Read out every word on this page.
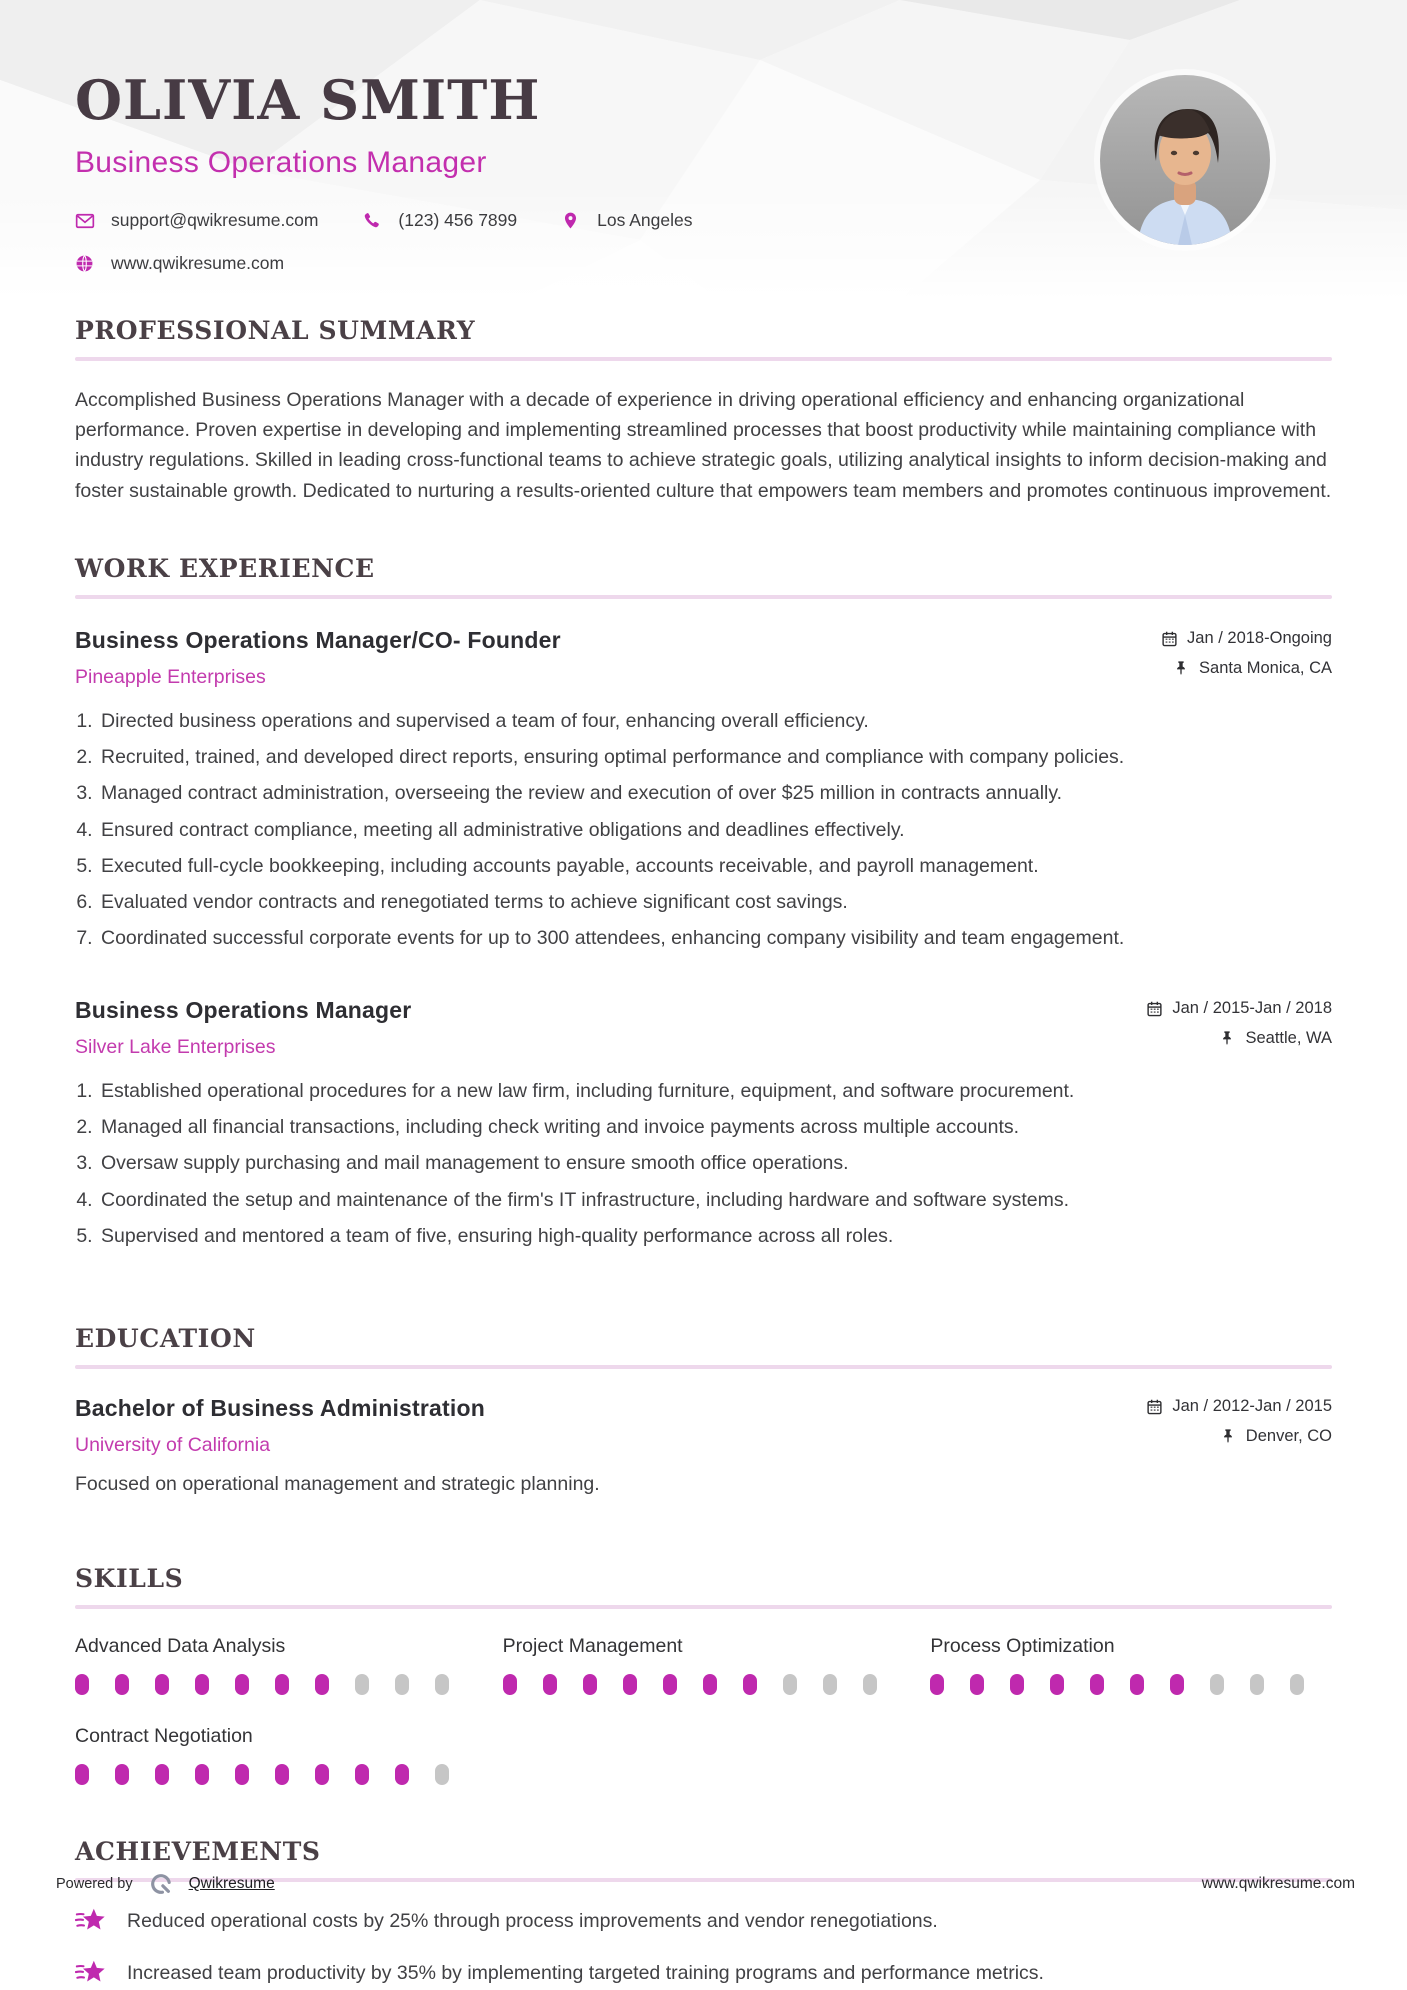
OLIVIA SMITH
Business Operations Manager
support@qwikresume.com	(123) 456 7899	Los Angeles
www.qwikresume.com
PROFESSIONAL SUMMARY

Accomplished Business Operations Manager with a decade of experience in driving operational efficiency and enhancing organizational performance. Proven expertise in developing and implementing streamlined processes that boost productivity while maintaining compliance with industry regulations. Skilled in leading cross-functional teams to achieve strategic goals, utilizing analytical insights to inform decision-making and foster sustainable growth. Dedicated to nurturing a results-oriented culture that empowers team members and promotes continuous improvement.

WORK EXPERIENCE
Business Operations Manager/CO- Founder
Pineapple Enterprises
Jan / 2018-Ongoing
Santa Monica, CA
1. Directed business operations and supervised a team of four, enhancing overall efficiency.
2. Recruited, trained, and developed direct reports, ensuring optimal performance and compliance with company policies.
3. Managed contract administration, overseeing the review and execution of over $25 million in contracts annually.
4. Ensured contract compliance, meeting all administrative obligations and deadlines effectively.
5. Executed full-cycle bookkeeping, including accounts payable, accounts receivable, and payroll management.
6. Evaluated vendor contracts and renegotiated terms to achieve significant cost savings.
7. Coordinated successful corporate events for up to 300 attendees, enhancing company visibility and team engagement.
Business Operations Manager
Silver Lake Enterprises
Jan / 2015-Jan / 2018
Seattle, WA
1. Established operational procedures for a new law firm, including furniture, equipment, and software procurement.
2. Managed all financial transactions, including check writing and invoice payments across multiple accounts.
3. Oversaw supply purchasing and mail management to ensure smooth office operations.
4. Coordinated the setup and maintenance of the firm's IT infrastructure, including hardware and software systems.
5. Supervised and mentored a team of five, ensuring high-quality performance across all roles.
EDUCATION
Bachelor of Business Administration
University of California
Jan / 2012-Jan / 2015
Denver, CO

Focused on operational management and strategic planning.

SKILLS
Advanced Data Analysis	Project Management	Process Optimization
Contract Negotiation
ACHIEVEMENTS
Reduced operational costs by 25% through process improvements and vendor renegotiations.
Increased team productivity by 35% by implementing targeted training programs and performance metrics.
Powered by	Qwikresume	www.qwikresume.com
